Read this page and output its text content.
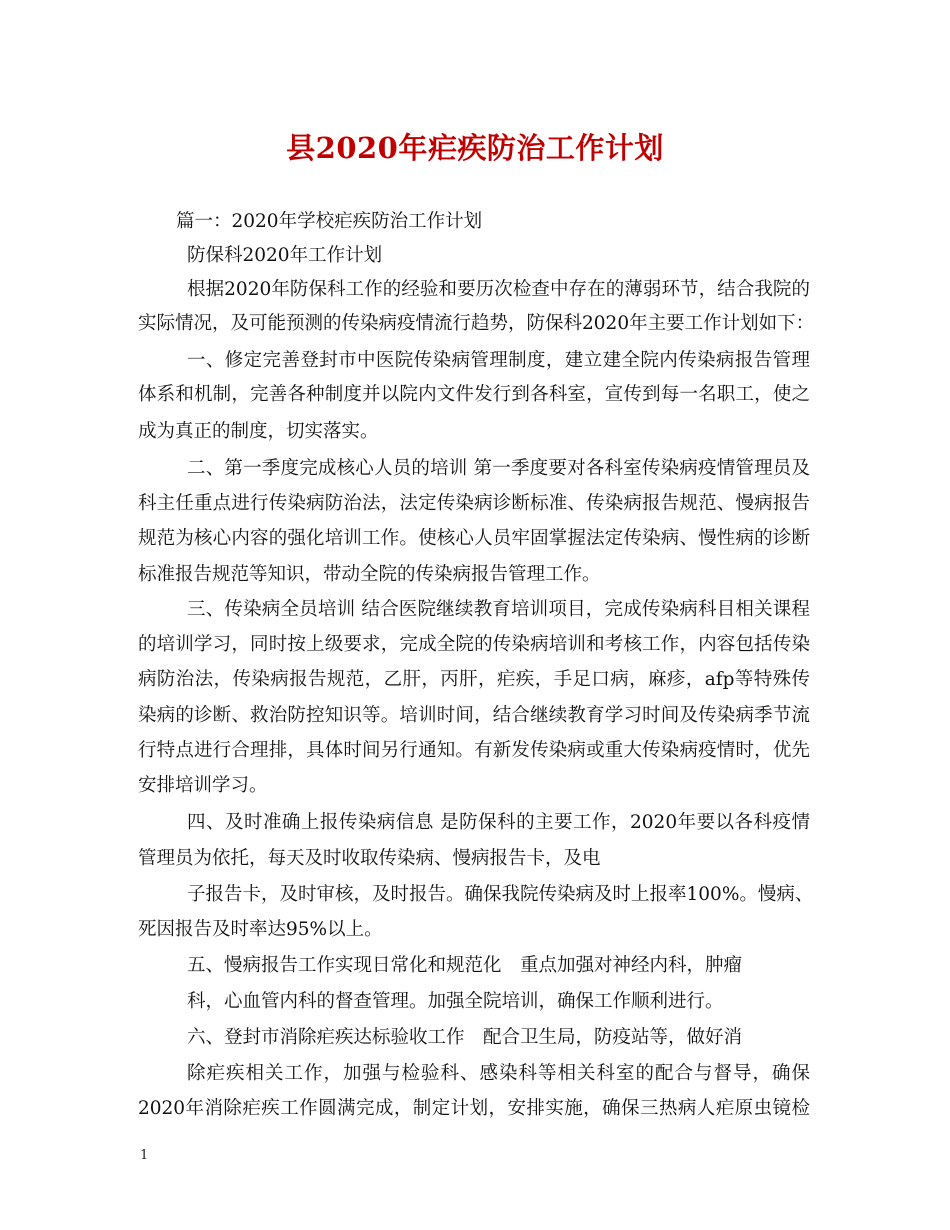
县2020年疟疾防治工作计划
篇一：2020年学校疟疾防治工作计划
防保科2020年工作计划
根据2020年防保科工作的经验和要历次检查中存在的薄弱环节，结合我院的
实际情况，及可能预测的传染病疫情流行趋势，防保科2020年主要工作计划如下：
一、修定完善登封市中医院传染病管理制度，建立建全院内传染病报告管理
体系和机制，完善各种制度并以院内文件发行到各科室，宣传到每一名职工，使之
成为真正的制度，切实落实。
二、第一季度完成核心人员的培训 第一季度要对各科室传染病疫情管理员及
科主任重点进行传染病防治法，法定传染病诊断标准、传染病报告规范、慢病报告
规范为核心内容的强化培训工作。使核心人员牢固掌握法定传染病、慢性病的诊断
标准报告规范等知识，带动全院的传染病报告管理工作。
三、传染病全员培训 结合医院继续教育培训项目，完成传染病科目相关课程
的培训学习，同时按上级要求，完成全院的传染病培训和考核工作，内容包括传染
病防治法，传染病报告规范，乙肝，丙肝，疟疾，手足口病，麻疹，afp等特殊传
染病的诊断、救治防控知识等。培训时间，结合继续教育学习时间及传染病季节流
行特点进行合理排，具体时间另行通知。有新发传染病或重大传染病疫情时，优先
安排培训学习。
四、及时准确上报传染病信息 是防保科的主要工作，2020年要以各科疫情
管理员为依托，每天及时收取传染病、慢病报告卡，及电
子报告卡，及时审核，及时报告。确保我院传染病及时上报率100%。慢病、
死因报告及时率达95%以上。
五、慢病报告工作实现日常化和规范化　重点加强对神经内科，肿瘤
科，心血管内科的督查管理。加强全院培训，确保工作顺利进行。
六、登封市消除疟疾达标验收工作　配合卫生局，防疫站等，做好消
除疟疾相关工作，加强与检验科、感染科等相关科室的配合与督导，确保
2020年消除疟疾工作圆满完成，制定计划，安排实施，确保三热病人疟原虫镜检
1
